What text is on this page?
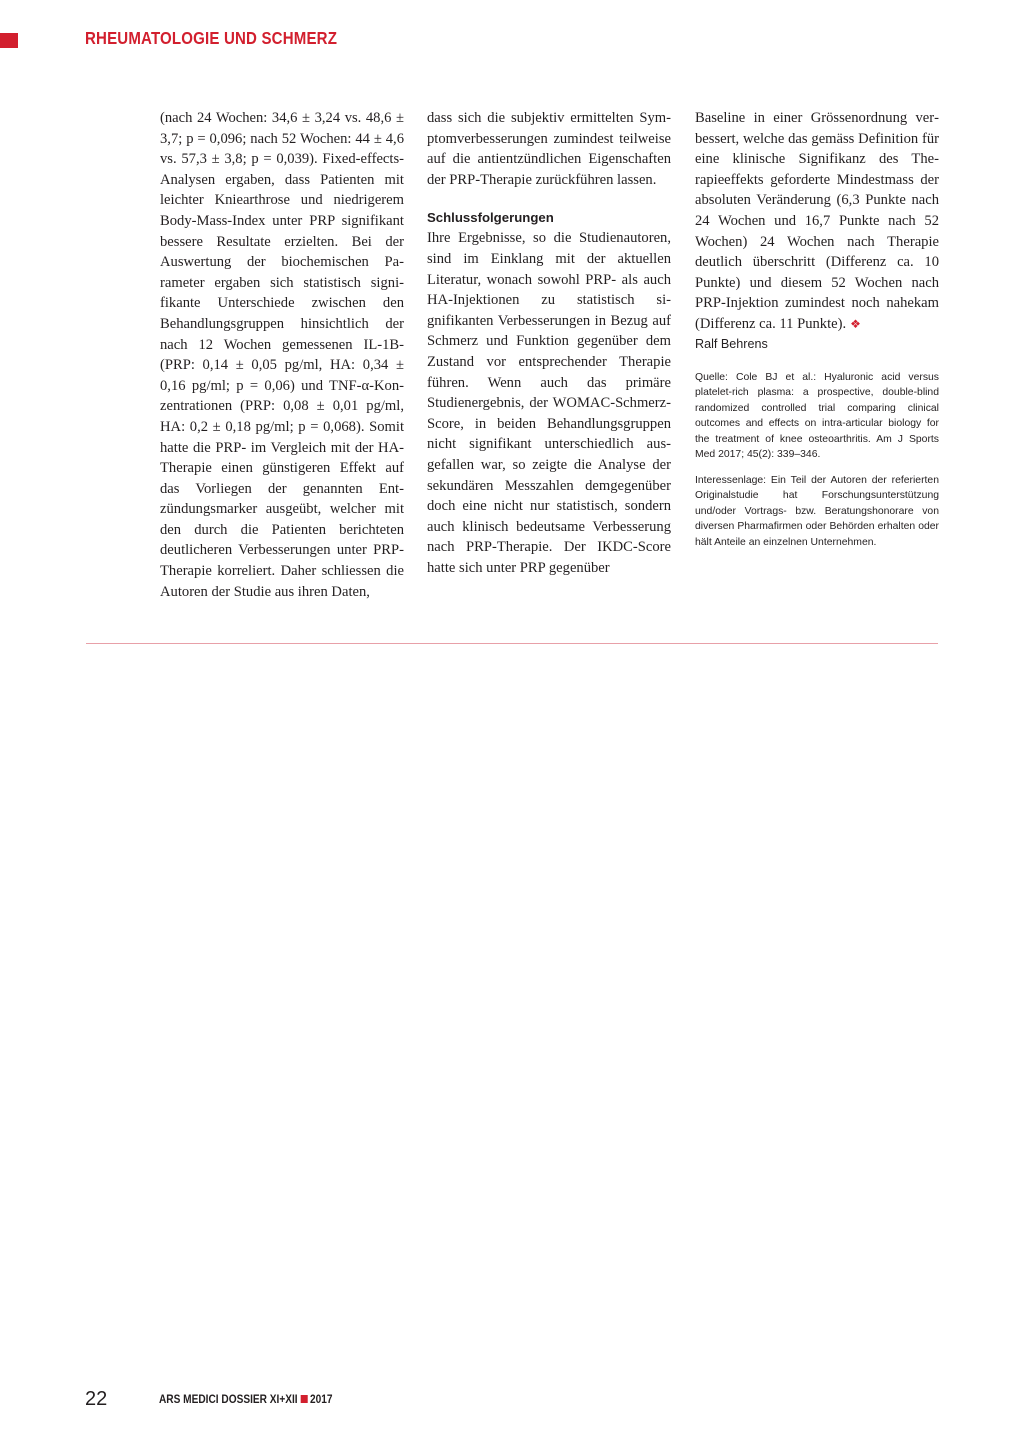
RHEUMATOLOGIE UND SCHMERZ

(nach 24 Wochen: 34,6 ± 3,24 vs. 48,6 ± 3,7; p = 0,096; nach 52 Wochen: 44 ± 4,6 vs. 57,3 ± 3,8; p = 0,039). Fixed-effects-Analysen ergaben, dass Patienten mit leichter Kniearthrose und niedrigerem Body-Mass-Index unter PRP signifikant bessere Resultate erzielten. Bei der Auswertung der biochemischen Parameter ergaben sich statistisch signifikante Unterschiede zwischen den Behandlungsgruppen hinsichtlich der nach 12 Wochen gemessenen IL-1B- (PRP: 0,14 ± 0,05 pg/ml, HA: 0,34 ± 0,16 pg/ml; p = 0,06) und TNF-α-Konzentrationen (PRP: 0,08 ± 0,01 pg/ml, HA: 0,2 ± 0,18 pg/ml; p = 0,068). Somit hatte die PRP- im Vergleich mit der HA-Therapie einen günstigeren Effekt auf das Vorliegen der genannten Entzündungsmarker ausgeübt, welcher mit den durch die Patienten berichteten deutlicheren Verbesserungen unter PRP-Therapie korreliert. Daher schliessen die Autoren der Studie aus ihren Daten,

dass sich die subjektiv ermittelten Symptomverbesserungen zumindest teilweise auf die antientzündlichen Eigenschaften der PRP-Therapie zurückführen lassen.

Schlussfolgerungen

Ihre Ergebnisse, so die Studienautoren, sind im Einklang mit der aktuellen Literatur, wonach sowohl PRP- als auch HA-Injektionen zu statistisch signifikanten Verbesserungen in Bezug auf Schmerz und Funktion gegenüber dem Zustand vor entsprechender Therapie führen. Wenn auch das primäre Studienergebnis, der WOMAC-Schmerz-Score, in beiden Behandlungsgruppen nicht signifikant unterschiedlich ausgefallen war, so zeigte die Analyse der sekundären Messzahlen demgegenüber doch eine nicht nur statistisch, sondern auch klinisch bedeutsame Verbesserung nach PRP-Therapie. Der IKDC-Score hatte sich unter PRP gegenüber

Baseline in einer Grössenordnung verbessert, welche das gemäss Definition für eine klinische Signifikanz des Therapieeffekts geforderte Mindestmass der absoluten Veränderung (6,3 Punkte nach 24 Wochen und 16,7 Punkte nach 52 Wochen) 24 Wochen nach Therapie deutlich überschritt (Differenz ca. 10 Punkte) und diesem 52 Wochen nach PRP-Injektion zumindest noch nahekam (Differenz ca. 11 Punkte). ❖

Ralf Behrens

Quelle: Cole BJ et al.: Hyaluronic acid versus platelet-rich plasma: a prospective, double-blind randomized controlled trial comparing clinical outcomes and effects on intra-articular biology for the treatment of knee osteoarthritis. Am J Sports Med 2017; 45(2): 339–346.

Interessenlage: Ein Teil der Autoren der referierten Originalstudie hat Forschungsunterstützung und/oder Vortrags- bzw. Beratungshonorare von diversen Pharmafirmen oder Behörden erhalten oder hält Anteile an einzelnen Unternehmen.

22	ARS MEDICI DOSSIER XI+XII 2017
